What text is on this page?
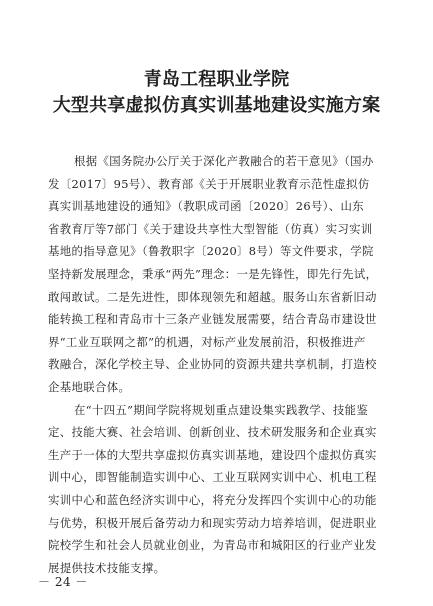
青岛工程职业学院
大型共享虚拟仿真实训基地建设实施方案
根据《国务院办公厅关于深化产教融合的若干意见》（国办
发〔2017〕95号）、教育部《关于开展职业教育示范性虚拟仿
真实训基地建设的通知》（教职成司函〔2020〕26号）、山东
省教育厅等7部门《关于建设共享性大型智能（仿真）实习实训
基地的指导意见》（鲁教职字〔2020〕8号）等文件要求，学院
坚持新发展理念，秉承“两先”理念：一是先锋性，即先行先试，
敢闯敢试。二是先进性，即体现领先和超越。服务山东省新旧动
能转换工程和青岛市十三条产业链发展需要，结合青岛市建设世
界“工业互联网之都”的机遇，对标产业发展前沿，积极推进产
教融合，深化学校主导、企业协同的资源共建共享机制，打造校
企基地联合体。
在“十四五”期间学院将规划重点建设集实践教学、技能鉴
定、技能大赛、社会培训、创新创业、技术研发服务和企业真实
生产于一体的大型共享虚拟仿真实训基地，建设四个虚拟仿真实
训中心，即智能制造实训中心、工业互联网实训中心、机电工程
实训中心和蓝色经济实训中心，将充分发挥四个实训中心的功能
与优势，积极开展后备劳动力和现实劳动力培养培训，促进职业
院校学生和社会人员就业创业，为青岛市和城阳区的行业产业发
展提供技术技能支撑。
－ 24 －
